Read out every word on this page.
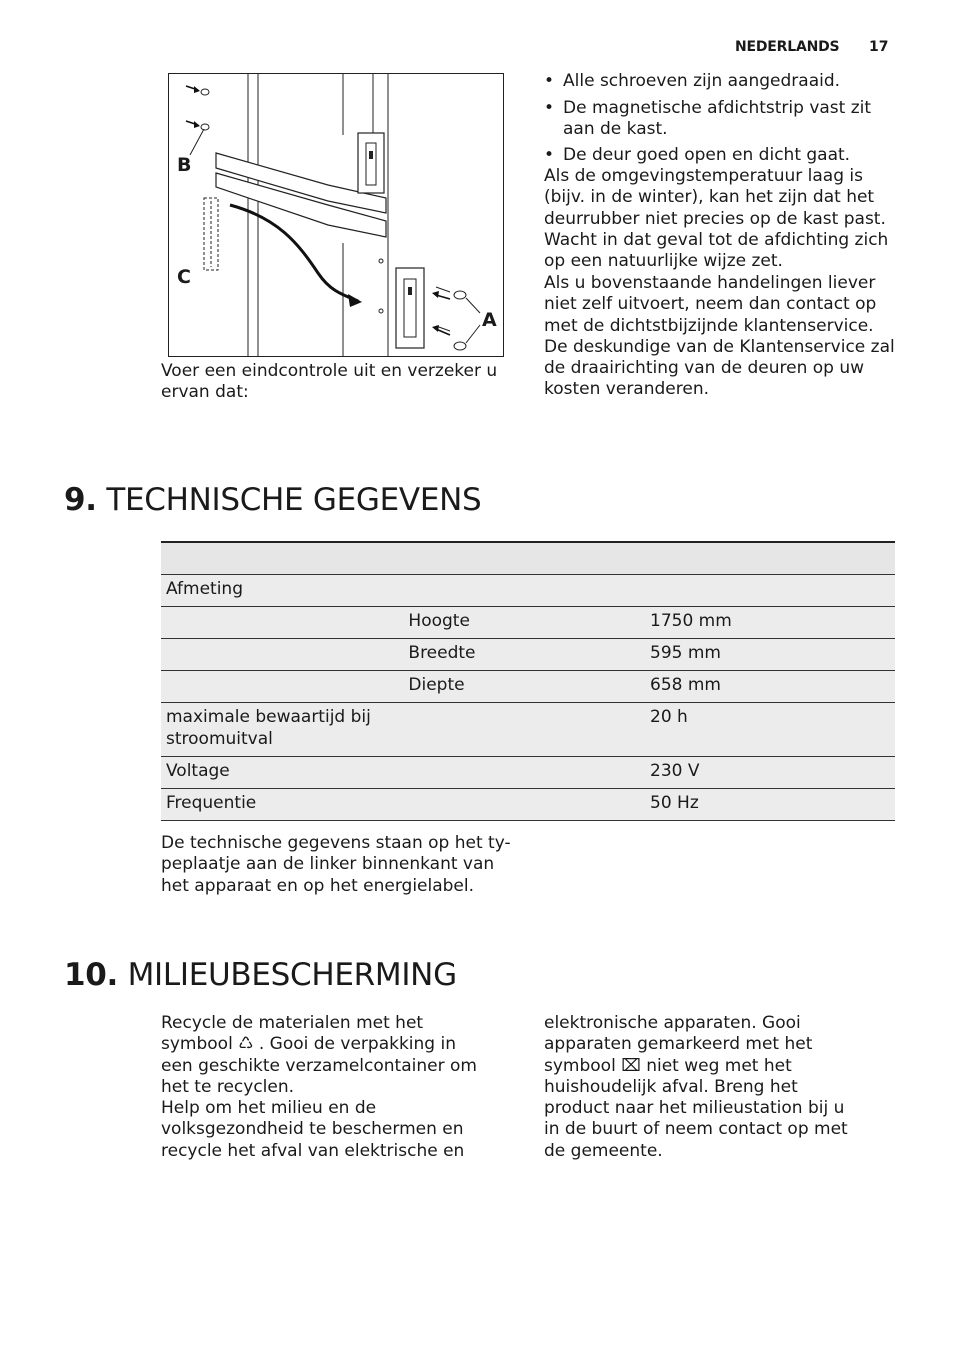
NEDERLANDS 17
B
C
A
Voer een eindcontrole uit en verzeker u ervan dat:
• Alle schroeven zijn aangedraaid.
• De magnetische afdichtstrip vast zit aan de kast.
• De deur goed open en dicht gaat.
Als de omgevingstemperatuur laag is (bijv. in de winter), kan het zijn dat het deurrubber niet precies op de kast past. Wacht in dat geval tot de afdichting zich op een natuurlijke wijze zet.
Als u bovenstaande handelingen liever niet zelf uitvoert, neem dan contact op met de dichtstbijzijnde klantenservice. De deskundige van de Klantenservice zal de draairichting van de deuren op uw kosten veranderen.
9. TECHNISCHE GEGEVENS

Afmeting		
	Hoogte	1750 mm
	Breedte	595 mm
	Diepte	658 mm
maximale bewaartijd bij stroomuitval		20 h
Voltage		230 V
Frequentie		50 Hz
De technische gegevens staan op het ty-
peplaatje aan de linker binnenkant van
het apparaat en op het energielabel.
10. MILIEUBESCHERMING
Recycle de materialen met het
symbool ♺ . Gooi de verpakking in
een geschikte verzamelcontainer om
het te recyclen.
Help om het milieu en de
volksgezondheid te beschermen en
recycle het afval van elektrische en
elektronische apparaten. Gooi
apparaten gemarkeerd met het
symbool ⌧ niet weg met het
huishoudelijk afval. Breng het
product naar het milieustation bij u
in de buurt of neem contact op met
de gemeente.
